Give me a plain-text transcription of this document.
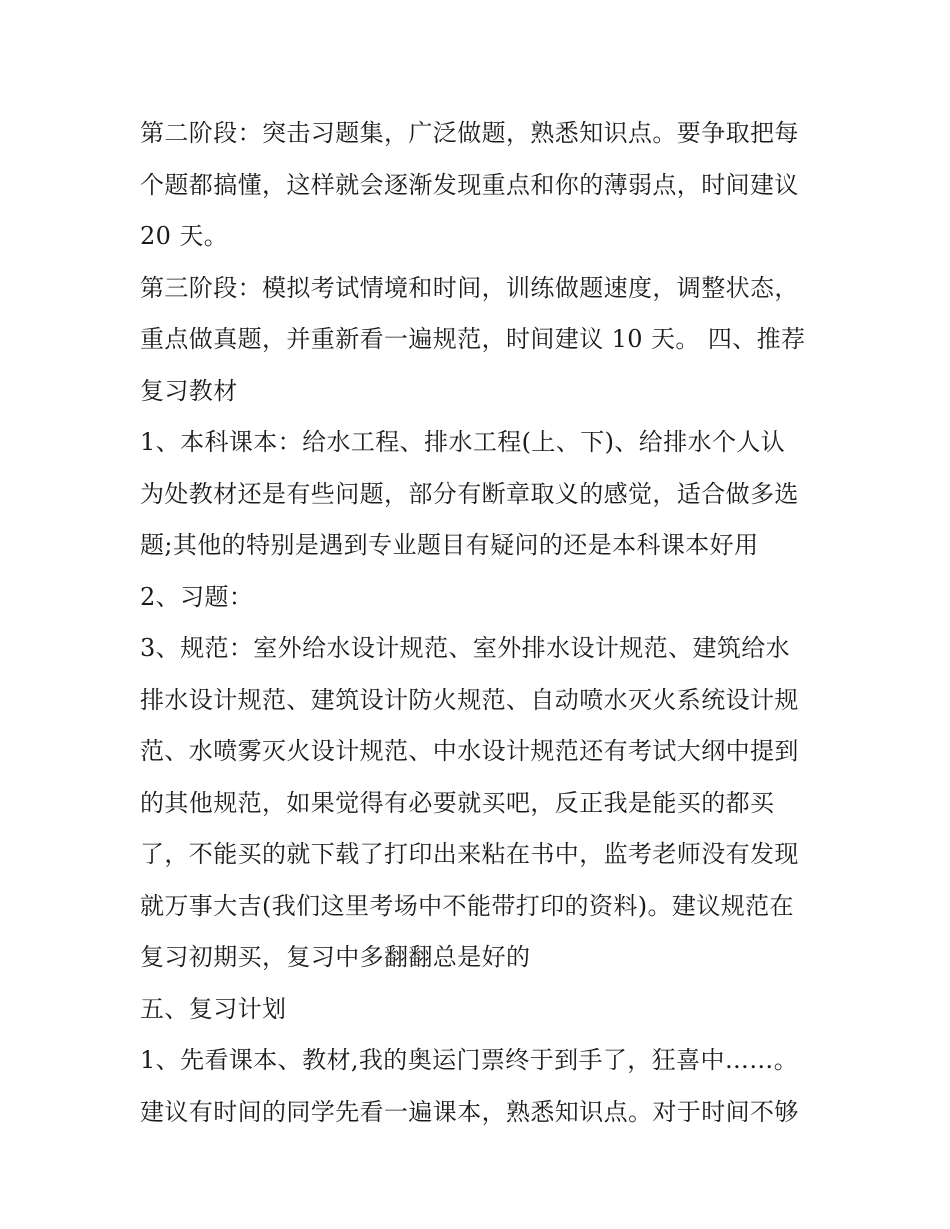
第二阶段：突击习题集，广泛做题，熟悉知识点。要争取把每
个题都搞懂，这样就会逐渐发现重点和你的薄弱点，时间建议
20 天。
第三阶段：模拟考试情境和时间，训练做题速度，调整状态，
重点做真题，并重新看一遍规范，时间建议 10 天。 四、推荐
复习教材
1、本科课本：给水工程、排水工程(上、下)、给排水个人认
为处教材还是有些问题，部分有断章取义的感觉，适合做多选
题;其他的特别是遇到专业题目有疑问的还是本科课本好用
2、习题：
3、规范：室外给水设计规范、室外排水设计规范、建筑给水
排水设计规范、建筑设计防火规范、自动喷水灭火系统设计规
范、水喷雾灭火设计规范、中水设计规范还有考试大纲中提到
的其他规范，如果觉得有必要就买吧，反正我是能买的都买
了，不能买的就下载了打印出来粘在书中，监考老师没有发现
就万事大吉(我们这里考场中不能带打印的资料)。建议规范在
复习初期买，复习中多翻翻总是好的
五、复习计划
1、先看课本、教材,我的奥运门票终于到手了，狂喜中……。
建议有时间的同学先看一遍课本，熟悉知识点。对于时间不够
